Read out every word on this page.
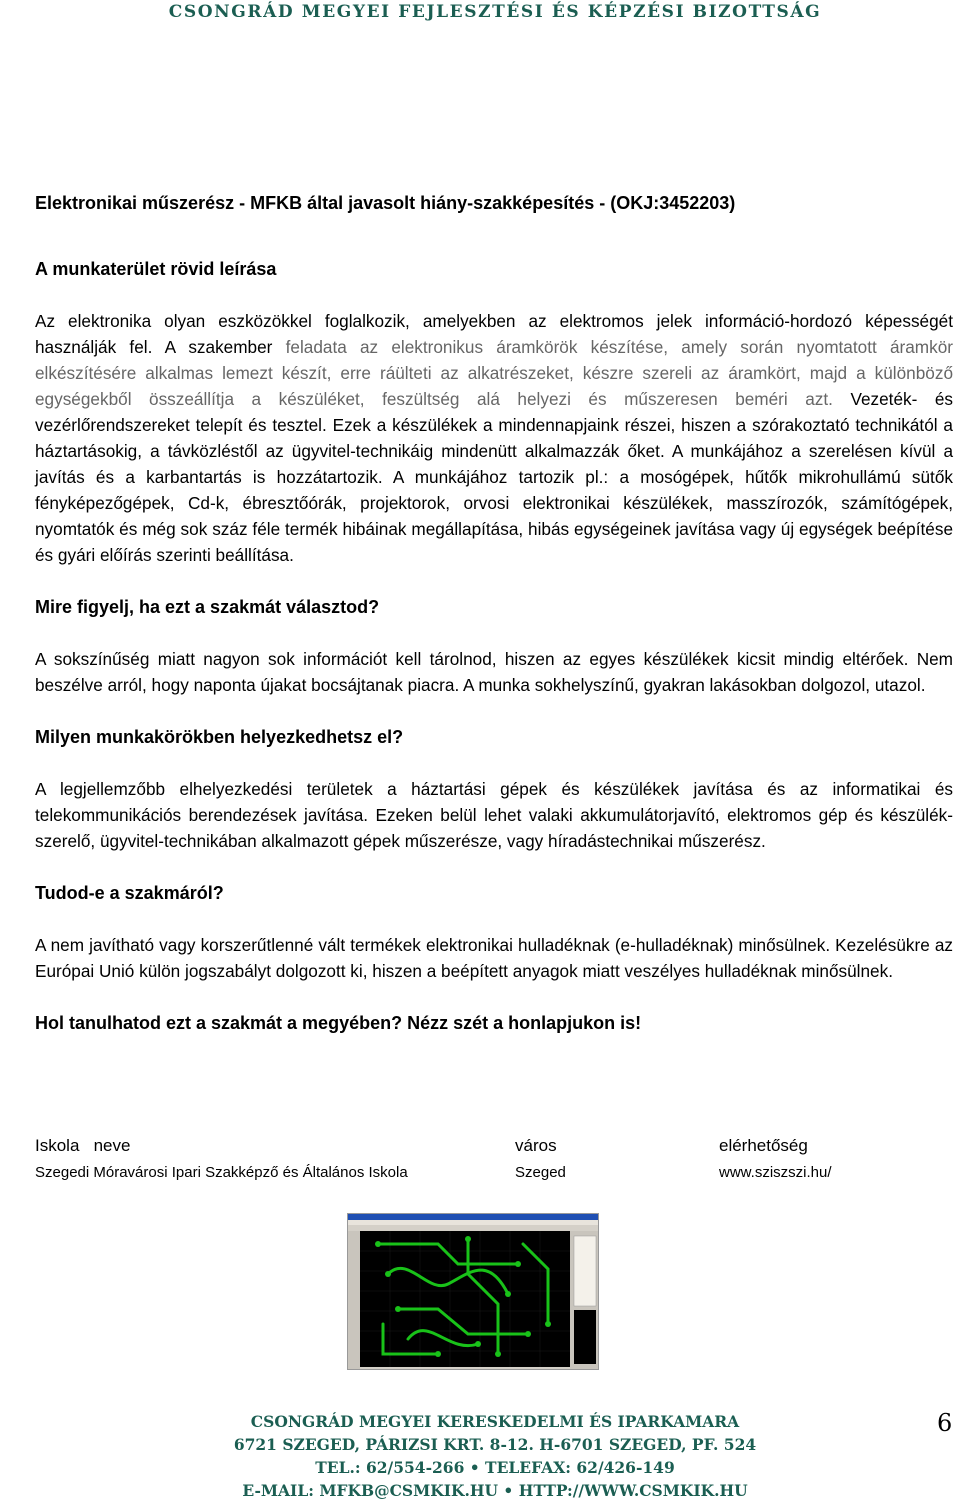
CSONGRÁD MEGYEI FEJLESZTÉSI ÉS KÉPZÉSI BIZOTTSÁG
Elektronikai műszerész - MFKB által javasolt hiány-szakképesítés - (OKJ:3452203)
A munkaterület rövid leírása
Az elektronika olyan eszközökkel foglalkozik, amelyekben az elektromos jelek információ-hordozó képességét használják fel. A szakember feladata az elektronikus áramkörök készítése, amely során nyomtatott áramkör elkészítésére alkalmas lemezt készít, erre ráülteti az alkatrészeket, készre szereli az áramkört, majd a különböző egységekből összeállítja a készüléket, feszültség alá helyezi és műszeresen beméri azt. Vezeték- és vezérlőrendszereket telepít és tesztel. Ezek a készülékek a mindennapjaink részei, hiszen a szórakoztató technikától a háztartásokig, a távközléstől az ügyvitel-technikáig mindenütt alkalmazzák őket. A munkájához a szerelésen kívül a javítás és a karbantartás is hozzátartozik. A munkájához tartozik pl.: a mosógépek, hűtők mikrohullámú sütők fényképezőgépek, Cd-k, ébresztőórák, projektorok, orvosi elektronikai készülékek, masszírozók, számítógépek, nyomtatók és még sok száz féle termék hibáinak megállapítása, hibás egységeinek javítása vagy új egységek beépítése és gyári előírás szerinti beállítása.
Mire figyelj, ha ezt a szakmát választod?
A sokszínűség miatt nagyon sok információt kell tárolnod, hiszen az egyes készülékek kicsit mindig eltérőek. Nem beszélve arról, hogy naponta újakat bocsájtanak piacra. A munka sokhelyszínű, gyakran lakásokban dolgozol, utazol.
Milyen munkakörökben helyezkedhetsz el?
A legjellemzőbb elhelyezkedési területek a háztartási gépek és készülékek javítása és az informatikai és telekommunikációs berendezések javítása. Ezeken belül lehet valaki akkumulátorjavító, elektromos gép és készülék-szerelő, ügyvitel-technikában alkalmazott gépek műszerésze, vagy híradástechnikai műszerész.
Tudod-e a szakmáról?
A nem javítható vagy korszerűtlenné vált termékek elektronikai hulladéknak (e-hulladéknak) minősülnek. Kezelésükre az Európai Unió külön jogszabályt dolgozott ki, hiszen a beépített anyagok miatt veszélyes hulladéknak minősülnek.
Hol tanulhatod ezt a szakmát a megyében? Nézz szét a honlapjukon is!
Iskola   neve	város	elérhetőség
Szegedi Móravárosi Ipari Szakképző és Általános Iskola	Szeged	www.sziszszi.hu/
CSONGRÁD MEGYEI KERESKEDELMI ÉS IPARKAMARA
6721 SZEGED, PÁRIZSI KRT. 8-12. H-6701 SZEGED, PF. 524
TEL.: 62/554-266 • TELEFAX: 62/426-149
E-MAIL: MFKB@CSMKIK.HU • HTTP://WWW.CSMKIK.HU
6
